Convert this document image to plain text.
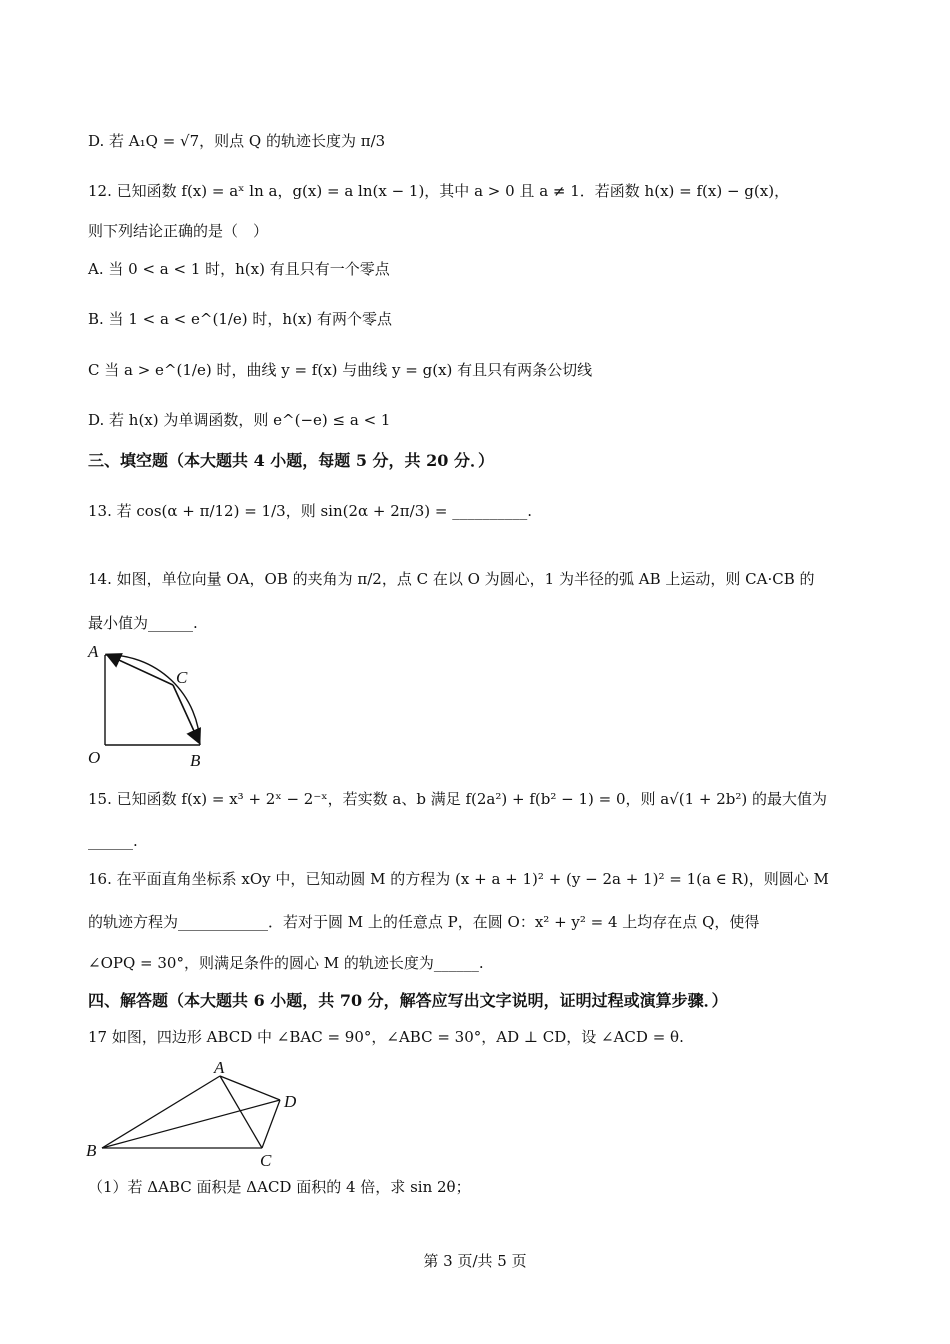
D. 若 A₁Q = √7，则点 Q 的轨迹长度为 π/3
12. 已知函数 f(x) = aˣ ln a，g(x) = a ln(x − 1)，其中 a > 0 且 a ≠ 1．若函数 h(x) = f(x) − g(x)，
则下列结论正确的是（　）
A. 当 0 < a < 1 时，h(x) 有且只有一个零点
B. 当 1 < a < e^(1/e) 时，h(x) 有两个零点
C 当 a > e^(1/e) 时，曲线 y = f(x) 与曲线 y = g(x) 有且只有两条公切线
D. 若 h(x) 为单调函数，则 e^(−e) ≤ a < 1
三、填空题（本大题共 4 小题，每题 5 分，共 20 分．）
13. 若 cos(α + π/12) = 1/3，则 sin(2α + 2π/3) = __________.
14. 如图，单位向量 OA，OB 的夹角为 π/2，点 C 在以 O 为圆心，1 为半径的弧 AB 上运动，则 CA·CB 的
最小值为______.
A
C
O	B
15. 已知函数 f(x) = x³ + 2ˣ − 2⁻ˣ，若实数 a、b 满足 f(2a²) + f(b² − 1) = 0，则 a√(1 + 2b²) 的最大值为
______.
16. 在平面直角坐标系 xOy 中，已知动圆 M 的方程为 (x + a + 1)² + (y − 2a + 1)² = 1(a ∈ R)，则圆心 M
的轨迹方程为____________．若对于圆 M 上的任意点 P，在圆 O：x² + y² = 4 上均存在点 Q，使得
∠OPQ = 30°，则满足条件的圆心 M 的轨迹长度为______.
四、解答题（本大题共 6 小题，共 70 分，解答应写出文字说明，证明过程或演算步骤．）
17 如图，四边形 ABCD 中 ∠BAC = 90°，∠ABC = 30°，AD ⊥ CD，设 ∠ACD = θ.
A
D
B
C
（1）若 ΔABC 面积是 ΔACD 面积的 4 倍，求 sin 2θ；
第 3 页/共 5 页
